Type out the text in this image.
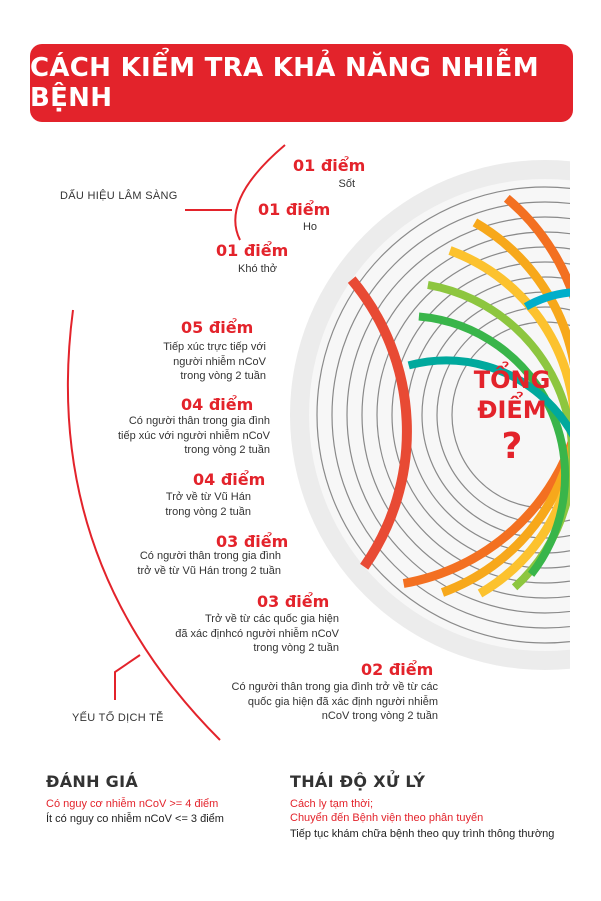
CÁCH KIỂM TRA KHẢ NĂNG NHIỄM BỆNH
DẤU HIỆU LÂM SÀNG
YẾU TỐ DỊCH TỄ
01 điểm
Sốt
01 điểm
Ho
01 điểm
Khó thở
05 điểm
Tiếp xúc trực tiếp với
người nhiễm nCoV
trong vòng 2 tuần
04 điểm
Có người thân trong gia đình
tiếp xúc với người nhiễm nCoV
trong vòng 2 tuần
04 điểm
Trở về từ Vũ Hán
trong vòng 2 tuần
03 điểm
Có người thân trong gia đình
trở về từ Vũ Hán trong 2 tuần
03 điểm
Trở về từ các quốc gia hiện
đã xác địnhcó người nhiễm nCoV
trong vòng 2 tuần
02 điểm
Có người thân trong gia đình trở về từ các
quốc gia hiện đã xác định người nhiễm
nCoV trong vòng 2 tuần
TỔNG
ĐIỂM
?
ĐÁNH GIÁ
Có nguy cơ nhiễm nCoV >= 4 điểm
Ít có nguy co nhiễm nCoV <= 3 điểm
THÁI ĐỘ XỬ LÝ
Cách ly tạm thời;
Chuyển đến Bệnh viện theo phân tuyến
Tiếp tục khám chữa bệnh theo quy trình thông thường
